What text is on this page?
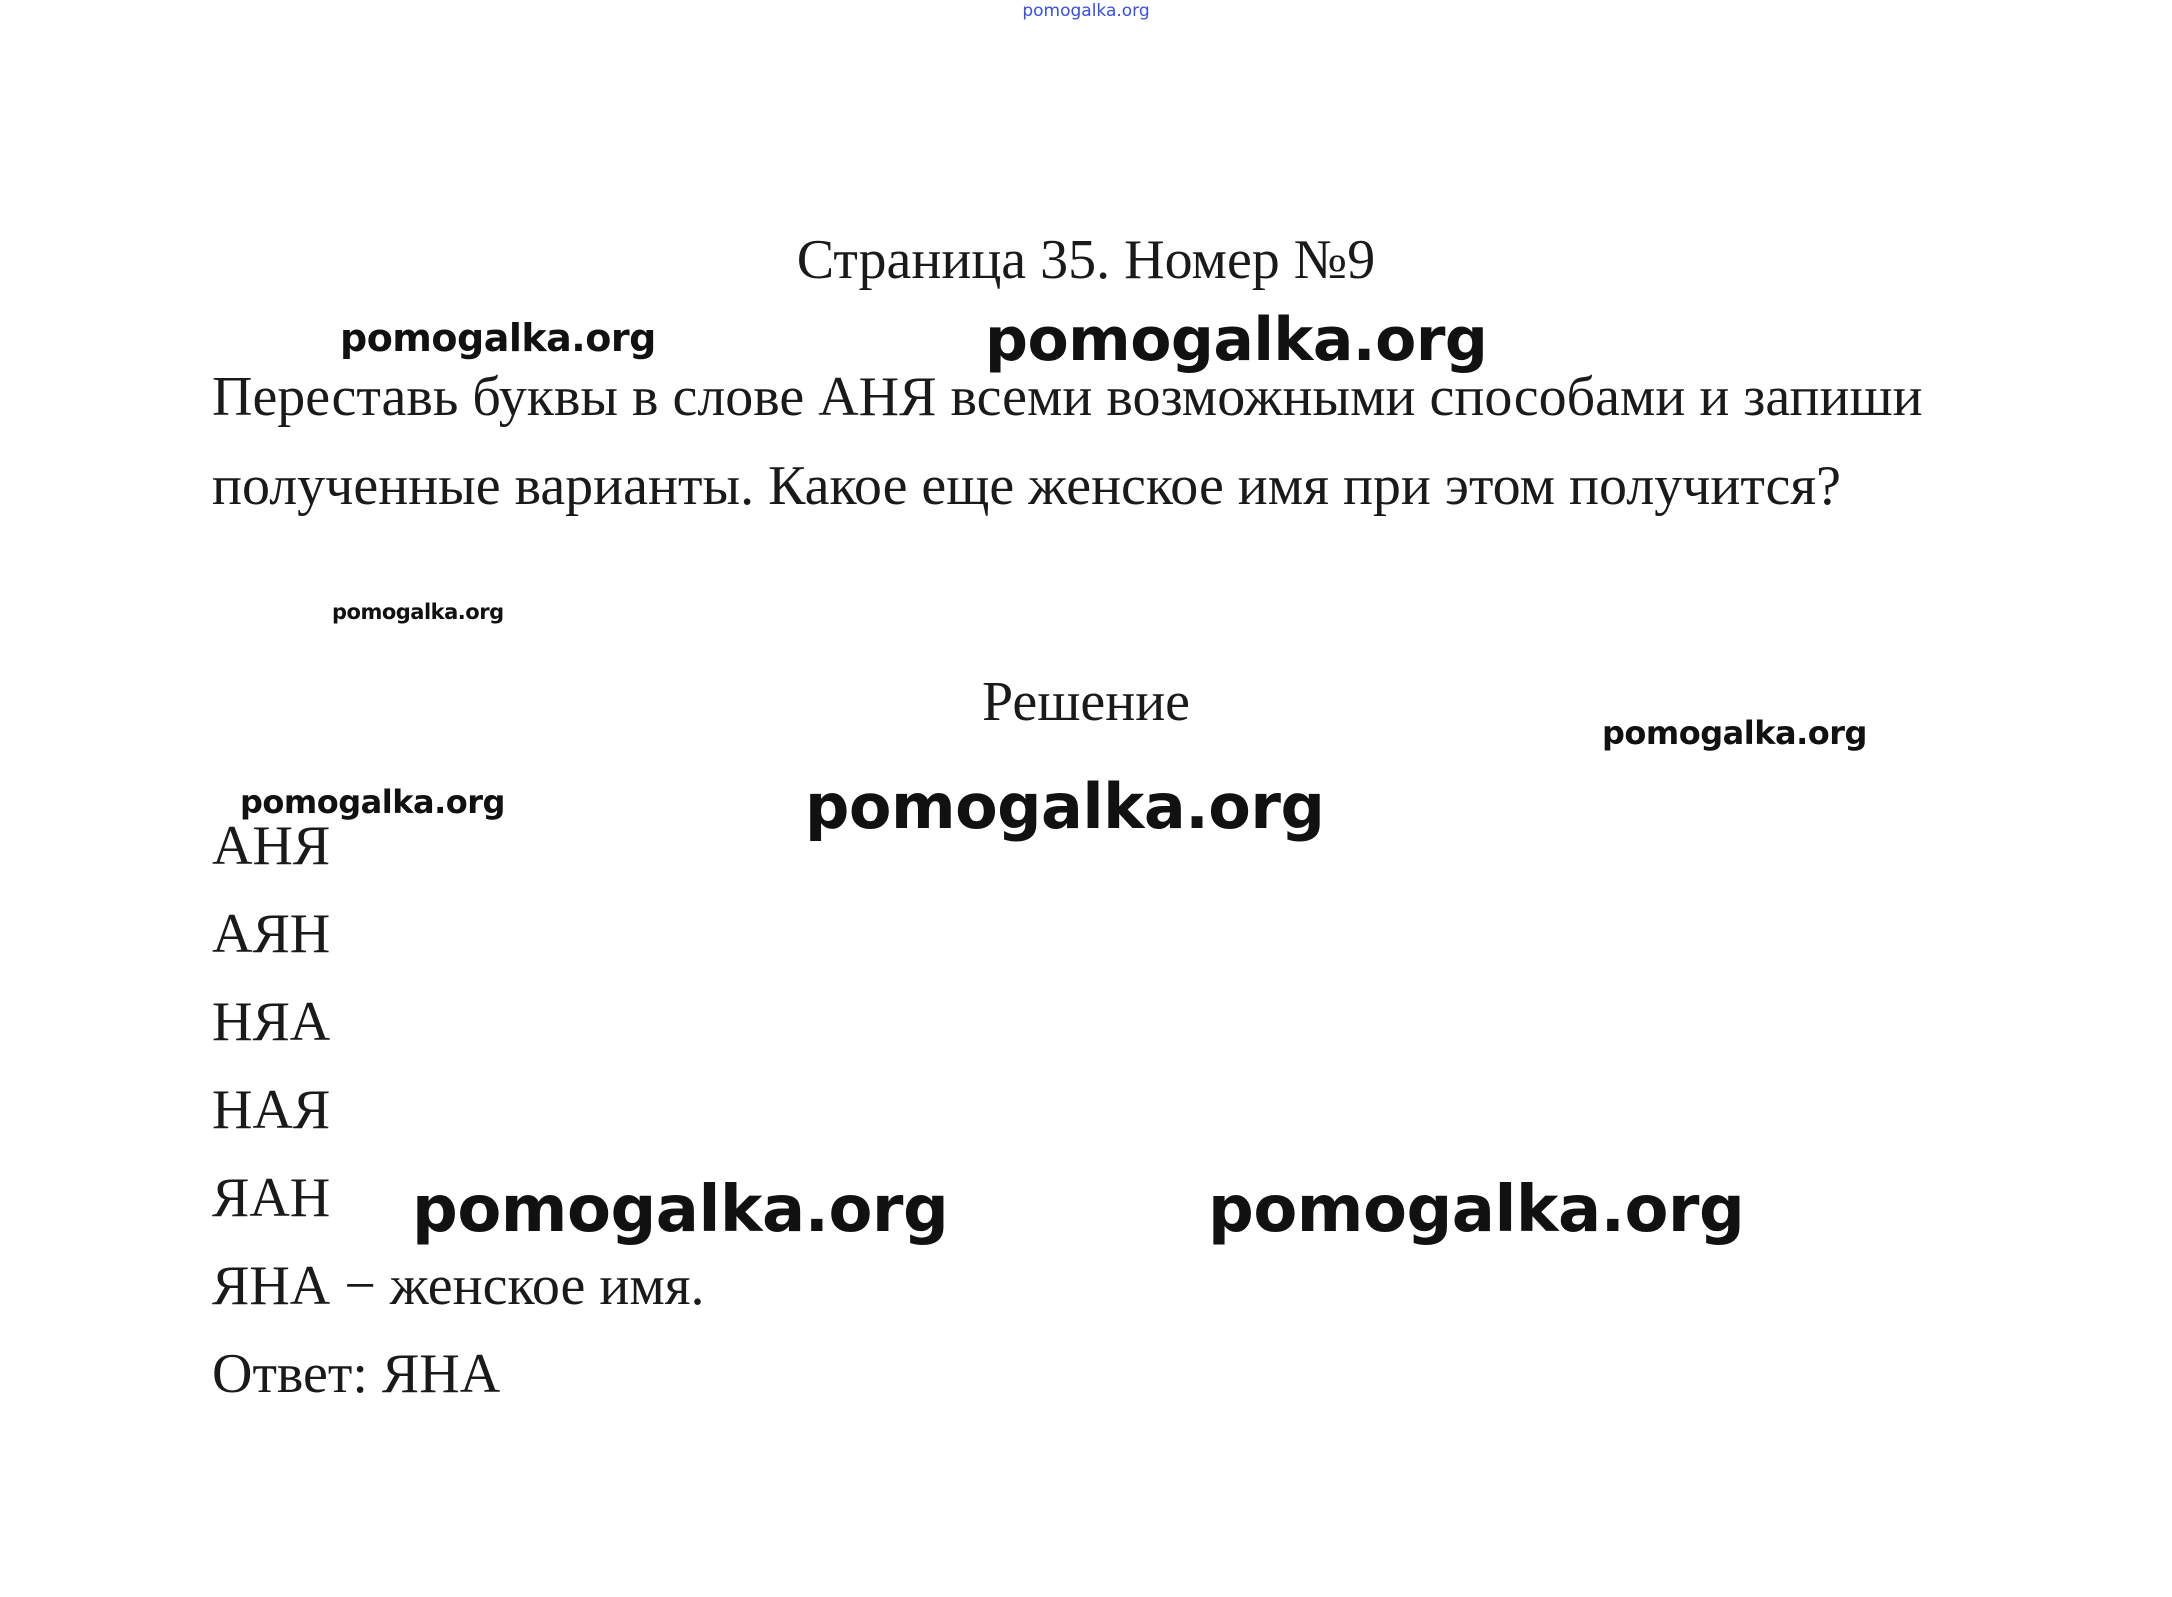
pomogalka.org
Страница 35. Номер №9

Переставь буквы в слове АНЯ всеми возможными способами и запиши полученные варианты. Какое еще женское имя при этом получится?

Решение
АНЯ
АЯН
НЯА
НАЯ
ЯАН
ЯНА − женское имя.
Ответ: ЯНА
pomogalka.org	pomogalka.org
pomogalka.org
pomogalka.org
pomogalka.org	pomogalka.org
pomogalka.org	pomogalka.org
